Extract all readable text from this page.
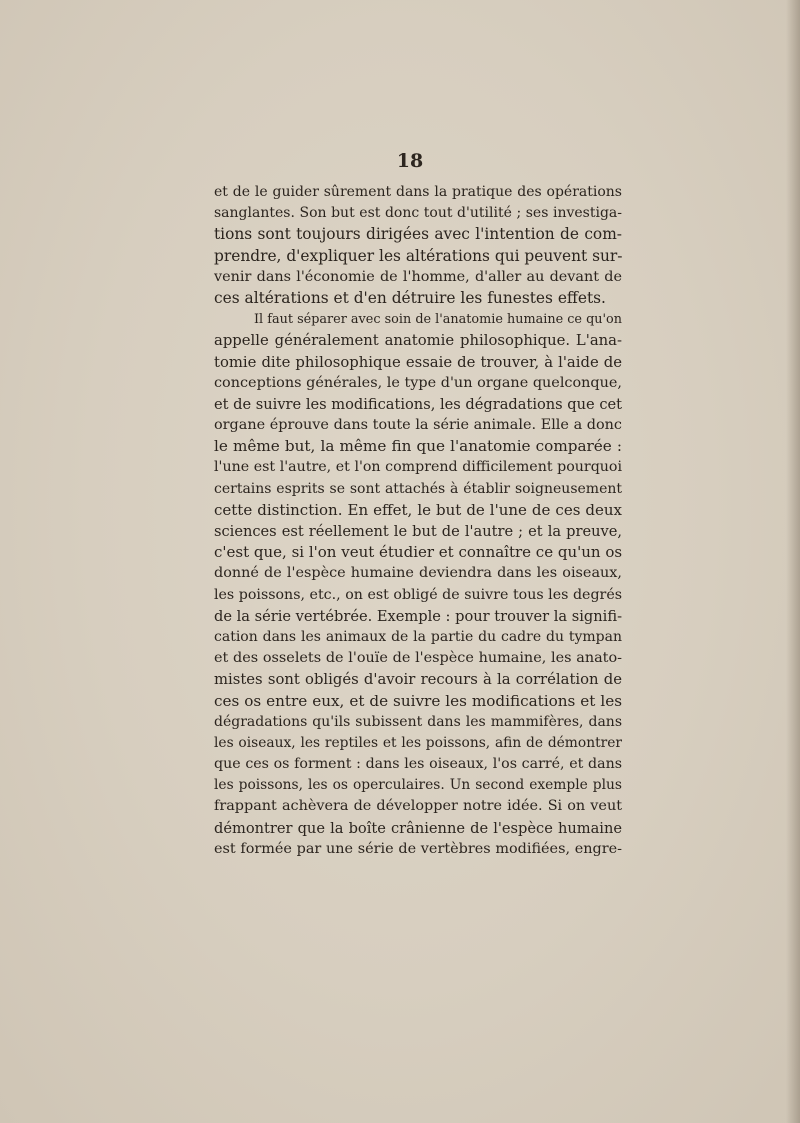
18
et de le guider sûrement dans la pratique des opérations
sanglantes. Son but est donc tout d'utilité ; ses investiga-
tions sont toujours dirigées avec l'intention de com-
prendre, d'expliquer les altérations qui peuvent sur-
venir dans l'économie de l'homme, d'aller au devant de
ces altérations et d'en détruire les funestes effets.
Il faut séparer avec soin de l'anatomie humaine ce qu'on
appelle généralement anatomie philosophique. L'ana-
tomie dite philosophique essaie de trouver, à l'aide de
conceptions générales, le type d'un organe quelconque,
et de suivre les modifications, les dégradations que cet
organe éprouve dans toute la série animale. Elle a donc
le même but, la même fin que l'anatomie comparée :
l'une est l'autre, et l'on comprend difficilement pourquoi
certains esprits se sont attachés à établir soigneusement
cette distinction. En effet, le but de l'une de ces deux
sciences est réellement le but de l'autre ; et la preuve,
c'est que, si l'on veut étudier et connaître ce qu'un os
donné de l'espèce humaine deviendra dans les oiseaux,
les poissons, etc., on est obligé de suivre tous les degrés
de la série vertébrée. Exemple : pour trouver la signifi-
cation dans les animaux de la partie du cadre du tympan
et des osselets de l'ouïe de l'espèce humaine, les anato-
mistes sont obligés d'avoir recours à la corrélation de
ces os entre eux, et de suivre les modifications et les
dégradations qu'ils subissent dans les mammifères, dans
les oiseaux, les reptiles et les poissons, afin de démontrer
que ces os forment : dans les oiseaux, l'os carré, et dans
les poissons, les os operculaires. Un second exemple plus
frappant achèvera de développer notre idée. Si on veut
démontrer que la boîte crânienne de l'espèce humaine
est formée par une série de vertèbres modifiées, engre-
